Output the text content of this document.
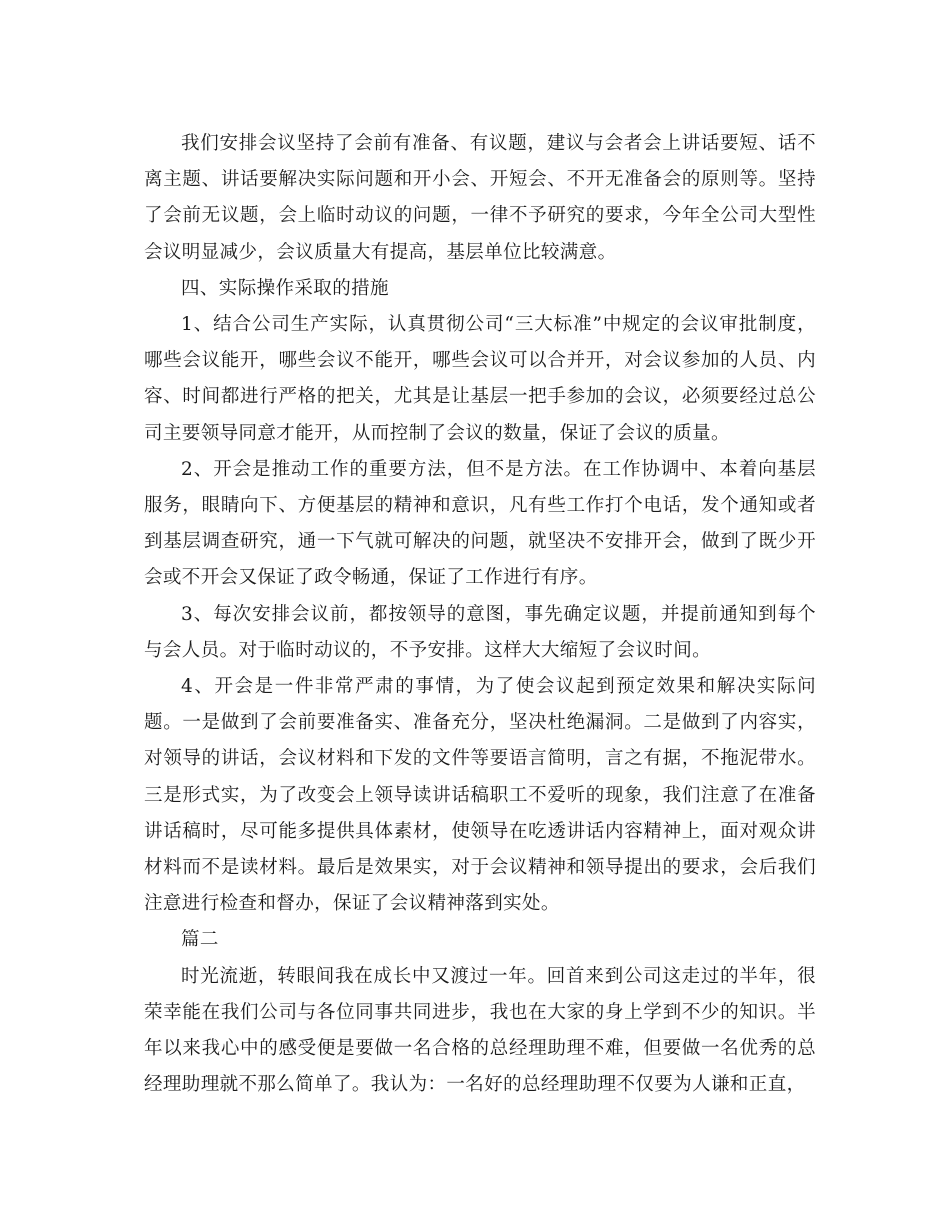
我们安排会议坚持了会前有准备、有议题，建议与会者会上讲话要短、话不离主题、讲话要解决实际问题和开小会、开短会、不开无准备会的原则等。坚持了会前无议题，会上临时动议的问题，一律不予研究的要求，今年全公司大型性会议明显减少，会议质量大有提高，基层单位比较满意。

四、实际操作采取的措施

1、结合公司生产实际，认真贯彻公司“三大标准”中规定的会议审批制度，哪些会议能开，哪些会议不能开，哪些会议可以合并开，对会议参加的人员、内容、时间都进行严格的把关，尤其是让基层一把手参加的会议，必须要经过总公司主要领导同意才能开，从而控制了会议的数量，保证了会议的质量。

2、开会是推动工作的重要方法，但不是方法。在工作协调中、本着向基层服务，眼睛向下、方便基层的精神和意识，凡有些工作打个电话，发个通知或者到基层调查研究，通一下气就可解决的问题，就坚决不安排开会，做到了既少开会或不开会又保证了政令畅通，保证了工作进行有序。

3、每次安排会议前，都按领导的意图，事先确定议题，并提前通知到每个与会人员。对于临时动议的，不予安排。这样大大缩短了会议时间。

4、开会是一件非常严肃的事情，为了使会议起到预定效果和解决实际问题。一是做到了会前要准备实、准备充分，坚决杜绝漏洞。二是做到了内容实，对领导的讲话，会议材料和下发的文件等要语言简明，言之有据，不拖泥带水。三是形式实，为了改变会上领导读讲话稿职工不爱听的现象，我们注意了在准备讲话稿时，尽可能多提供具体素材，使领导在吃透讲话内容精神上，面对观众讲材料而不是读材料。最后是效果实，对于会议精神和领导提出的要求，会后我们注意进行检查和督办，保证了会议精神落到实处。

篇二

时光流逝，转眼间我在成长中又渡过一年。回首来到公司这走过的半年，很荣幸能在我们公司与各位同事共同进步，我也在大家的身上学到不少的知识。半年以来我心中的感受便是要做一名合格的总经理助理不难，但要做一名优秀的总经理助理就不那么简单了。我认为：一名好的总经理助理不仅要为人谦和正直，
